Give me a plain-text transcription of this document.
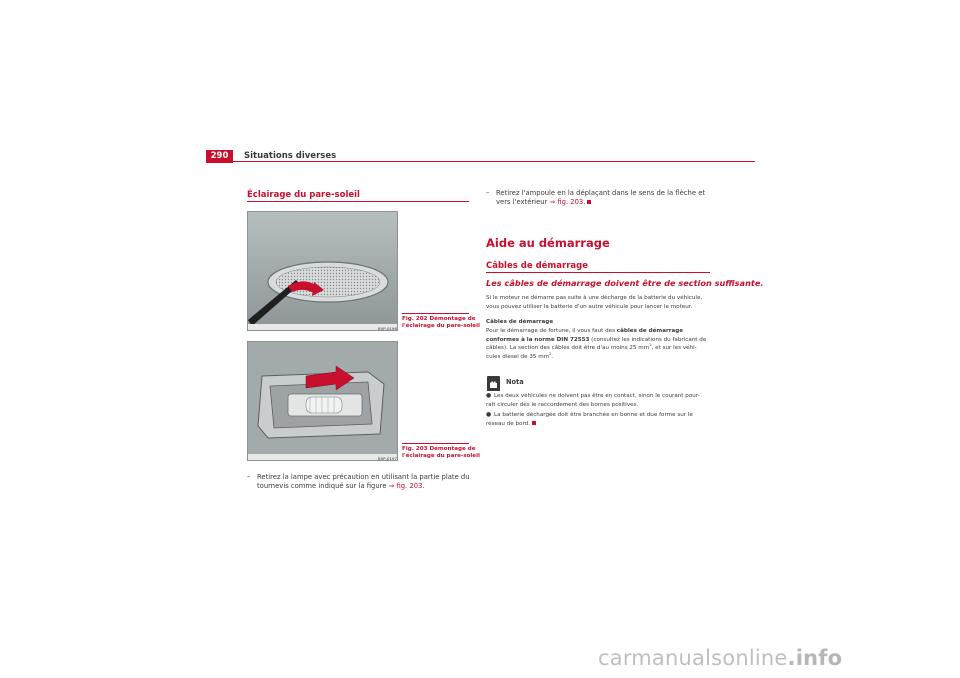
290	Situations diverses
Éclairage du pare-soleil
B5P-0196
Fig. 202 Démontage de
l'éclairage du pare-soleil
B5P-0197
Fig. 203 Démontage de
l'éclairage du pare-soleil
– Retirez la lampe avec précaution en utilisant la partie plate du
tournevis comme indiqué sur la figure ⇒ fig. 203.
– Retirez l'ampoule en la déplaçant dans le sens de la flèche et
vers l'extérieur ⇒ fig. 203.
Aide au démarrage
Câbles de démarrage
Les câbles de démarrage doivent être de section suffisante.
Si le moteur ne démarre pas suite à une décharge de la batterie du véhicule,
vous pouvez utiliser la batterie d'un autre véhicule pour lancer le moteur.
Câbles de démarrage
Pour le démarrage de fortune, il vous faut des câbles de démarrage
conformes à la norme DIN 72553 (consultez les indications du fabricant de
câbles). La section des câbles doit être d'au moins 25 $mm^2$, et sur les véhi-
cules diesel de 35 $mm^2$.
Nota
● Les deux véhicules ne doivent pas être en contact, sinon le courant pour-
rait circuler dès le raccordement des bornes positives.
● La batterie déchargée doit être branchée en bonne et due forme sur le
réseau de bord.
carmanualsonline.info
